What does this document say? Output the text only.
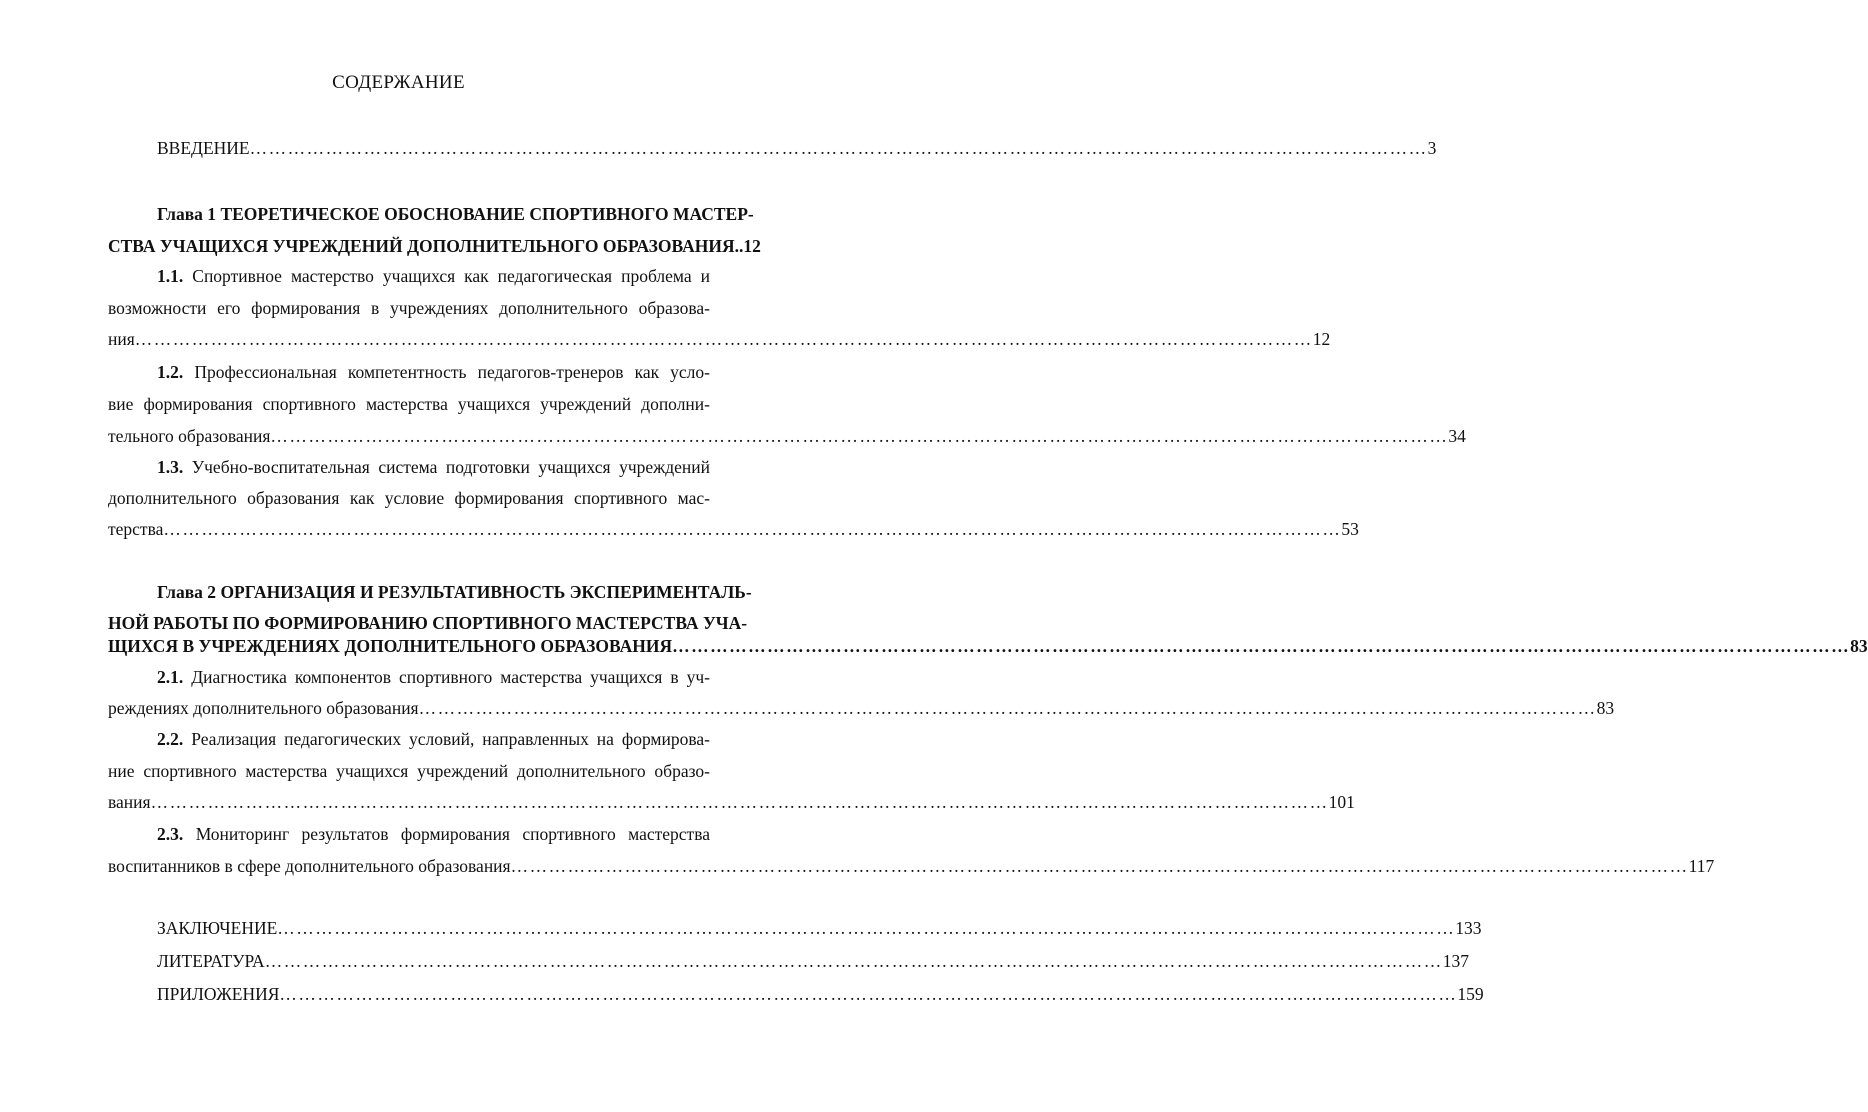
СОДЕРЖАНИЕ
ВВЕДЕНИЕ ……………………………………………………………………………………………………………………………………………………………………	3
Глава 1 ТЕОРЕТИЧЕСКОЕ ОБОСНОВАНИЕ СПОРТИВНОГО МАСТЕР-
СТВА УЧАЩИХСЯ УЧРЕЖДЕНИЙ ДОПОЛНИТЕЛЬНОГО ОБРАЗОВАНИЯ .. 12
1.1. Спортивное мастерство учащихся как педагогическая проблема и
возможности его формирования в учреждениях дополнительного образова-
ния ……………………………………………………………………………………………………………………………………………………………………	12
1.2. Профессиональная компетентность педагогов-тренеров как усло-
вие формирования спортивного мастерства учащихся учреждений дополни-
тельного образования ……………………………………………………………………………………………………………………………………………………………………	34
1.3. Учебно-воспитательная система подготовки учащихся учреждений
дополнительного образования как условие формирования спортивного мас-
терства ……………………………………………………………………………………………………………………………………………………………………	53
Глава 2 ОРГАНИЗАЦИЯ И РЕЗУЛЬТАТИВНОСТЬ ЭКСПЕРИМЕНТАЛЬ-
НОЙ РАБОТЫ ПО ФОРМИРОВАНИЮ СПОРТИВНОГО МАСТЕРСТВА УЧА-
ЩИХСЯ В УЧРЕЖДЕНИЯХ ДОПОЛНИТЕЛЬНОГО ОБРАЗОВАНИЯ ……………………………………………………………………………………………………………………………………………………………………	83
2.1. Диагностика компонентов спортивного мастерства учащихся в уч-
реждениях дополнительного образования ……………………………………………………………………………………………………………………………………………………………………	83
2.2. Реализация педагогических условий, направленных на формирова-
ние спортивного мастерства учащихся учреждений дополнительного образо-
вания ……………………………………………………………………………………………………………………………………………………………………	101
2.3. Мониторинг результатов формирования спортивного мастерства
воспитанников в сфере дополнительного образования ……………………………………………………………………………………………………………………………………………………………………	117
ЗАКЛЮЧЕНИЕ ……………………………………………………………………………………………………………………………………………………………………	133
ЛИТЕРАТУРА ……………………………………………………………………………………………………………………………………………………………………	137
ПРИЛОЖЕНИЯ ……………………………………………………………………………………………………………………………………………………………………	159
